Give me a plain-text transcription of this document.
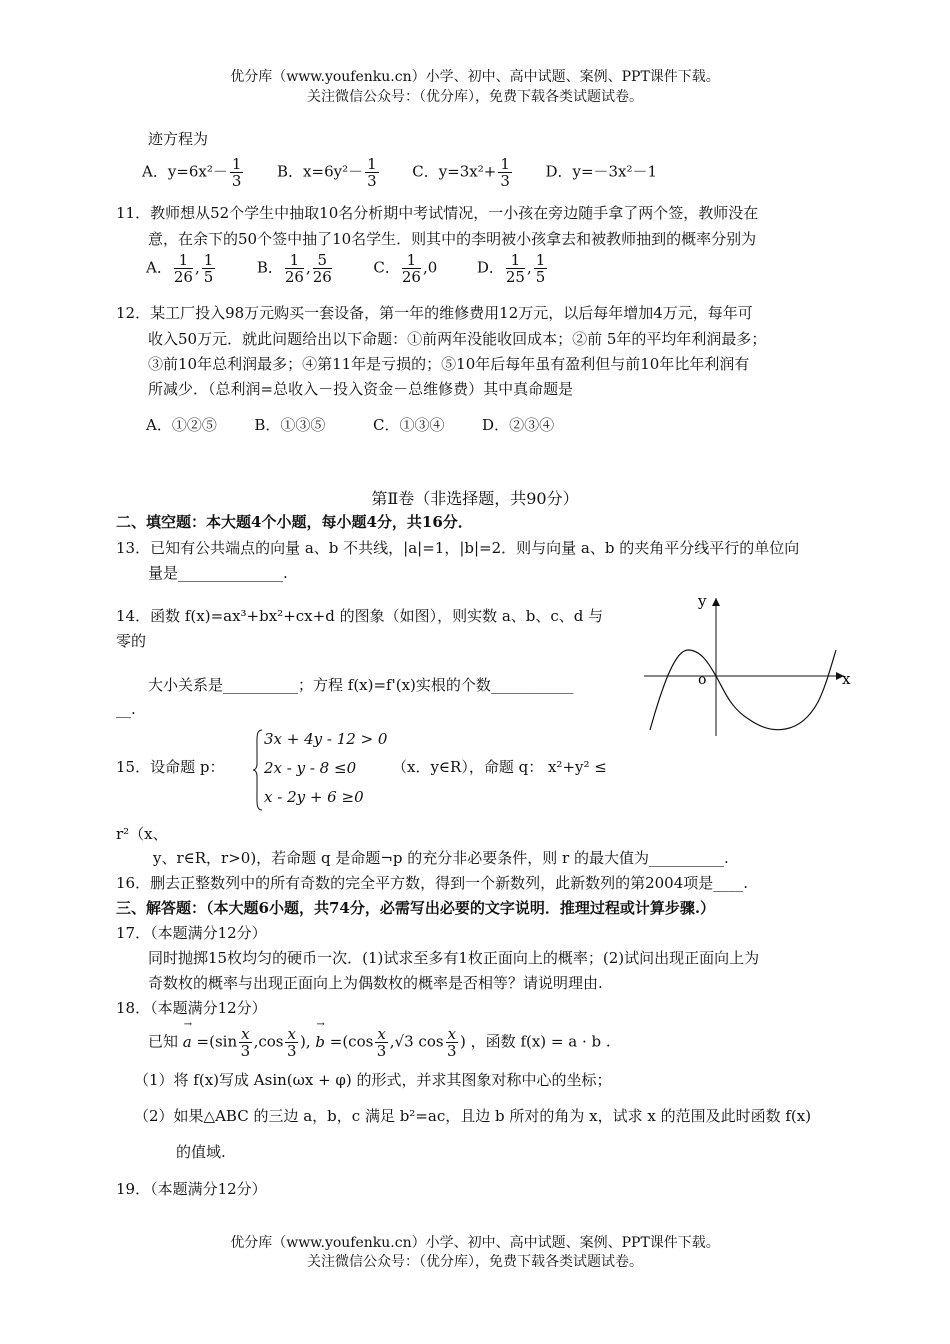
优分库（www.youfenku.cn）小学、初中、高中试题、案例、PPT课件下载。
关注微信公众号：（优分库），免费下载各类试题试卷。
迹方程为
A．$y=6x^2- \frac{1}{3}$ B．$x=6y^2- \frac{1}{3}$ C．$y=3x^2+ \frac{1}{3}$ D．y=－3x²－1
11．教师想从52个学生中抽取10名分析期中考试情况，一小孩在旁边随手拿了两个签，教师没在
意，在余下的50个签中抽了10名学生．则其中的李明被小孩拿去和被教师抽到的概率分别为
A． $\frac{1}{26}$ , $\frac{1}{5}$	B． $\frac{1}{26}$ , $\frac{5}{26}$	C． $\frac{1}{26} ,0$	D． $\frac{1}{25}$ , $\frac{1}{5}$
12．某工厂投入98万元购买一套设备，第一年的维修费用12万元，以后每年增加4万元，每年可
收入50万元．就此问题给出以下命题：①前两年没能收回成本；②前 5年的平均年利润最多；
③前10年总利润最多；④第11年是亏损的；⑤10年后每年虽有盈利但与前10年比年利润有
所减少．（总利润=总收入－投入资金－总维修费）其中真命题是
A．①②⑤	B．①③⑤	C．①③④	D．②③④
第Ⅱ卷（非选择题，共90分）
二、填空题：本大题4个小题，每小题4分，共16分．
13．已知有公共端点的向量 a、b 不共线，|a|=1，|b|=2．则与向量 a、b 的夹角平分线平行的单位向
量是______________.
14．函数 f(x)=ax³+bx²+cx+d 的图象（如图），则实数 a、b、c、d 与
零的
大小关系是__________；方程 f(x)=f'(x)实根的个数___________
__.
y
x
o
15．设命题 p：
3x + 4y - 12 > 0
2x - y - 8 ≤0
x - 2y + 6 ≥0
（x．y∈R），命题 q： x²+y² ≤
r²（x、
y、r∈R，r>0)，若命题 q 是命题¬p 的充分非必要条件，则 r 的最大值为__________.
16．删去正整数列中的所有奇数的完全平方数，得到一个新数列，此新数列的第2004项是____.
三、解答题：（本大题6小题，共74分，必需写出必要的文字说明．推理过程或计算步骤.）
17．（本题满分12分）
同时抛掷15枚均匀的硬币一次．(1)试求至多有1枚正面向上的概率；(2)试问出现正面向上为
奇数枚的概率与出现正面向上为偶数枚的概率是否相等？请说明理由.
18．（本题满分12分）
已知
→
$a =(\sin \frac{x}{3} ,\cos \frac{x}{3}$ ),
→
$b =(\cos \frac{x}{3} ,√3$ $\cos \frac{x}{3}$ ) ，函数 f(x) = a · b .
（1）将 f(x)写成 Asin(ωx + φ) 的形式，并求其图象对称中心的坐标；
（2）如果△ABC 的三边 a，b，c 满足 b²=ac，且边 b 所对的角为 x，试求 x 的范围及此时函数 f(x)
的值域.
19．（本题满分12分）
优分库（www.youfenku.cn）小学、初中、高中试题、案例、PPT课件下载。
关注微信公众号：（优分库），免费下载各类试题试卷。
